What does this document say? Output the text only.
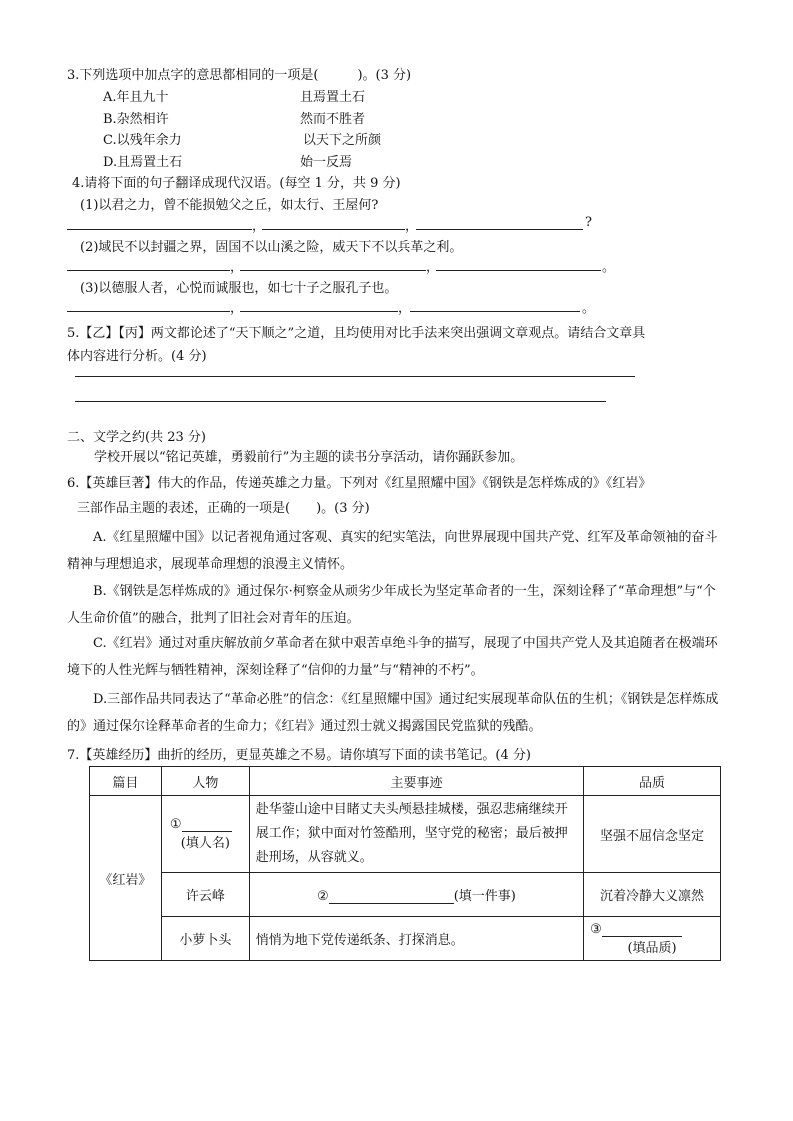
3.下列选项中加点字的意思都相同的一项是(　　　)。(3 分)
A.年且九十	且焉置土石
B.杂然相许	然而不胜者
C.以残年余力	以天下之所颜
D.且焉置土石	始一反焉
4.请将下面的句子翻译成现代汉语。(每空 1 分，共 9 分)
(1)以君之力，曾不能损勉父之丘，如太行、王屋何?
，	，	?
(2)域民不以封疆之界，固国不以山溪之险，威天下不以兵革之利。
，	，	。
(3)以德服人者，心悦而诚服也，如七十子之服孔子也。
，	，	。
5.【乙】【丙】两文都论述了“天下顺之”之道，且均使用对比手法来突出强调文章观点。请结合文章具
体内容进行分析。(4 分)
二、文学之约(共 23 分)
学校开展以“铭记英雄，勇毅前行”为主题的读书分享活动，请你踊跃参加。
6.【英雄巨著】伟大的作品，传递英雄之力量。下列对《红星照耀中国》《钢铁是怎样炼成的》《红岩》
三部作品主题的表述，正确的一项是(　　)。(3 分)
A.《红星照耀中国》以记者视角通过客观、真实的纪实笔法，向世界展现中国共产党、红军及革命领袖的奋斗精神与理想追求，展现革命理想的浪漫主义情怀。
B.《钢铁是怎样炼成的》通过保尔·柯察金从顽劣少年成长为坚定革命者的一生，深刻诠释了“革命理想”与“个人生命价值”的融合，批判了旧社会对青年的压迫。
C.《红岩》通过对重庆解放前夕革命者在狱中艰苦卓绝斗争的描写，展现了中国共产党人及其追随者在极端环境下的人性光辉与牺牲精神，深刻诠释了“信仰的力量”与“精神的不朽”。
D.三部作品共同表达了“革命必胜”的信念：《红星照耀中国》通过纪实展现革命队伍的生机；《钢铁是怎样炼成的》通过保尔诠释革命者的生命力；《红岩》通过烈士就义揭露国民党监狱的残酷。
7.【英雄经历】曲折的经历，更显英雄之不易。请你填写下面的读书笔记。(4 分)
篇目	人物	主要事迹	品质
《红岩》	①
(填人名)	赴华蓥山途中目睹丈夫头颅悬挂城楼，强忍悲痛继续开展工作；狱中面对竹签酷刑，坚守党的秘密；最后被押赴刑场，从容就义。	坚强不屈信念坚定
	许云峰	② (填一件事)	沉着冷静大义凛然
	小萝卜头	悄悄为地下党传递纸条、打探消息。	③
(填品质)
